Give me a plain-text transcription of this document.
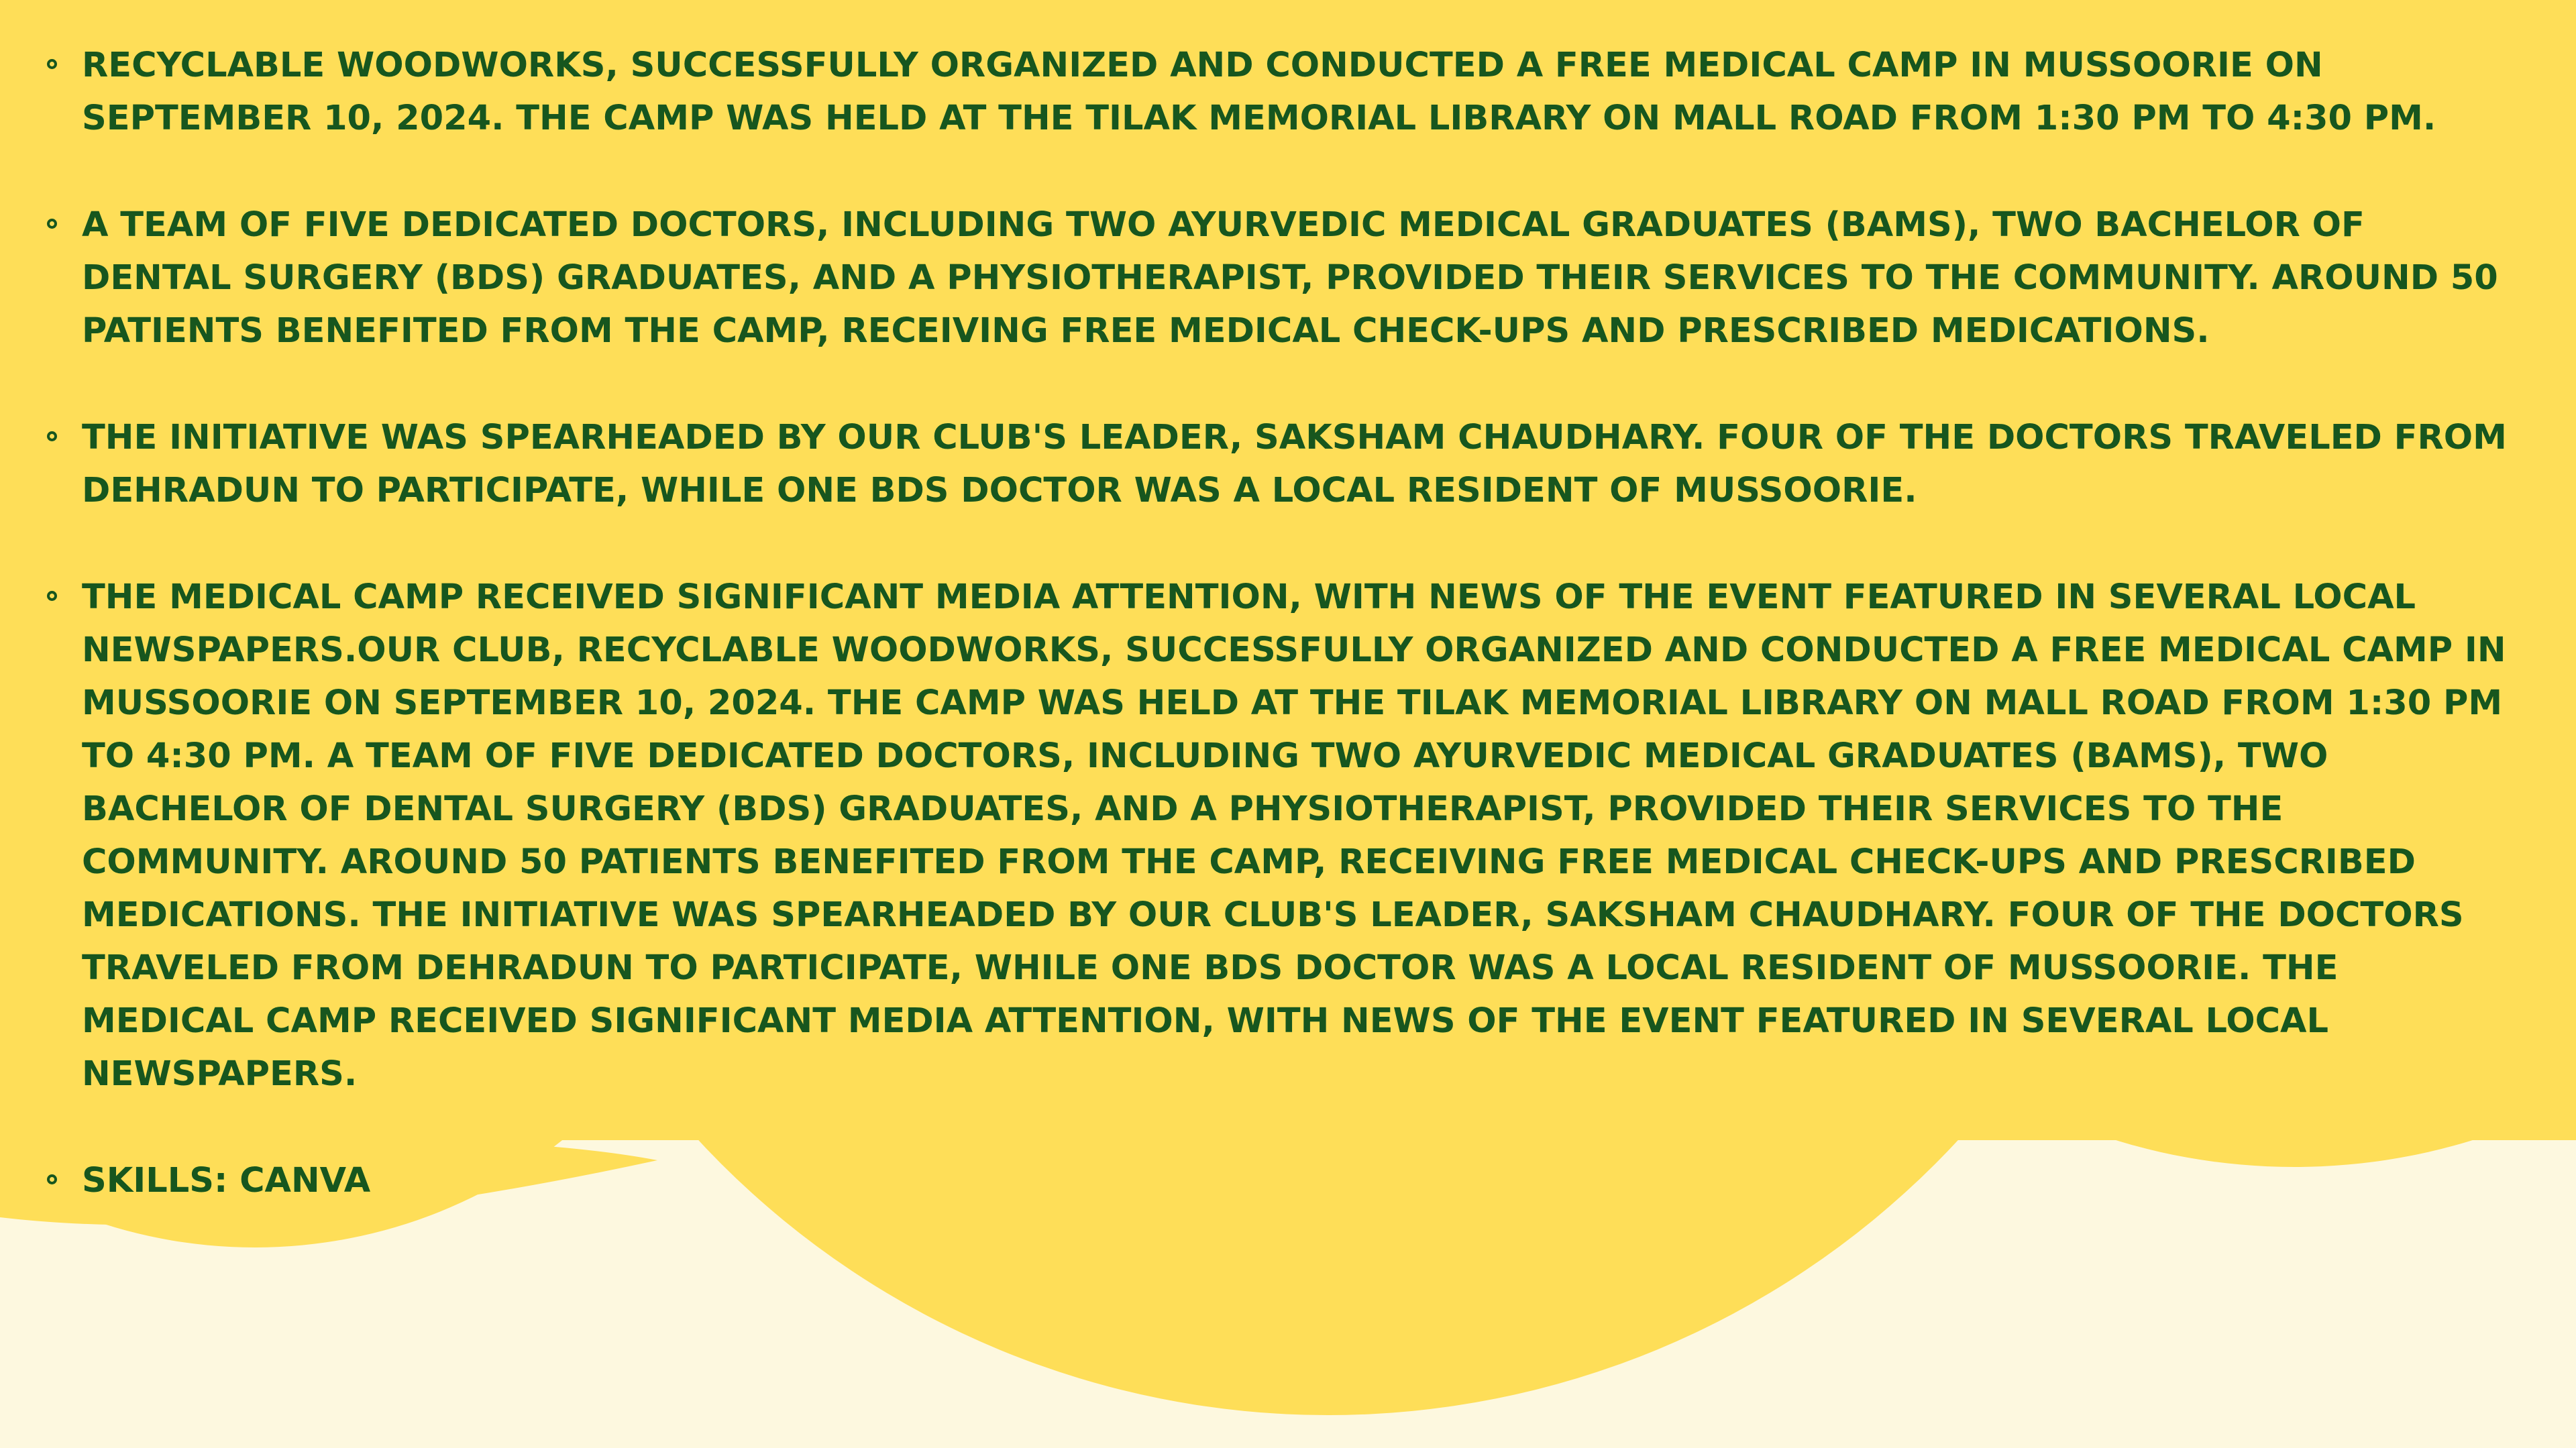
RECYCLABLE WOODWORKS, SUCCESSFULLY ORGANIZED AND CONDUCTED A FREE MEDICAL CAMP IN MUSSOORIE ON SEPTEMBER 10, 2024. THE CAMP WAS HELD AT THE TILAK MEMORIAL LIBRARY ON MALL ROAD FROM 1:30 PM TO 4:30 PM.
A TEAM OF FIVE DEDICATED DOCTORS, INCLUDING TWO AYURVEDIC MEDICAL GRADUATES (BAMS), TWO BACHELOR OF DENTAL SURGERY (BDS) GRADUATES, AND A PHYSIOTHERAPIST, PROVIDED THEIR SERVICES TO THE COMMUNITY. AROUND 50 PATIENTS BENEFITED FROM THE CAMP, RECEIVING FREE MEDICAL CHECK-UPS AND PRESCRIBED MEDICATIONS.
THE INITIATIVE WAS SPEARHEADED BY OUR CLUB'S LEADER, SAKSHAM CHAUDHARY. FOUR OF THE DOCTORS TRAVELED FROM DEHRADUN TO PARTICIPATE, WHILE ONE BDS DOCTOR WAS A LOCAL RESIDENT OF MUSSOORIE.
THE MEDICAL CAMP RECEIVED SIGNIFICANT MEDIA ATTENTION, WITH NEWS OF THE EVENT FEATURED IN SEVERAL LOCAL NEWSPAPERS.OUR CLUB, RECYCLABLE WOODWORKS, SUCCESSFULLY ORGANIZED AND CONDUCTED A FREE MEDICAL CAMP IN MUSSOORIE ON SEPTEMBER 10, 2024. THE CAMP WAS HELD AT THE TILAK MEMORIAL LIBRARY ON MALL ROAD FROM 1:30 PM TO 4:30 PM. A TEAM OF FIVE DEDICATED DOCTORS, INCLUDING TWO AYURVEDIC MEDICAL GRADUATES (BAMS), TWO BACHELOR OF DENTAL SURGERY (BDS) GRADUATES, AND A PHYSIOTHERAPIST, PROVIDED THEIR SERVICES TO THE COMMUNITY. AROUND 50 PATIENTS BENEFITED FROM THE CAMP, RECEIVING FREE MEDICAL CHECK-UPS AND PRESCRIBED MEDICATIONS. THE INITIATIVE WAS SPEARHEADED BY OUR CLUB'S LEADER, SAKSHAM CHAUDHARY. FOUR OF THE DOCTORS TRAVELED FROM DEHRADUN TO PARTICIPATE, WHILE ONE BDS DOCTOR WAS A LOCAL RESIDENT OF MUSSOORIE. THE MEDICAL CAMP RECEIVED SIGNIFICANT MEDIA ATTENTION, WITH NEWS OF THE EVENT FEATURED IN SEVERAL LOCAL NEWSPAPERS.
SKILLS: CANVA
